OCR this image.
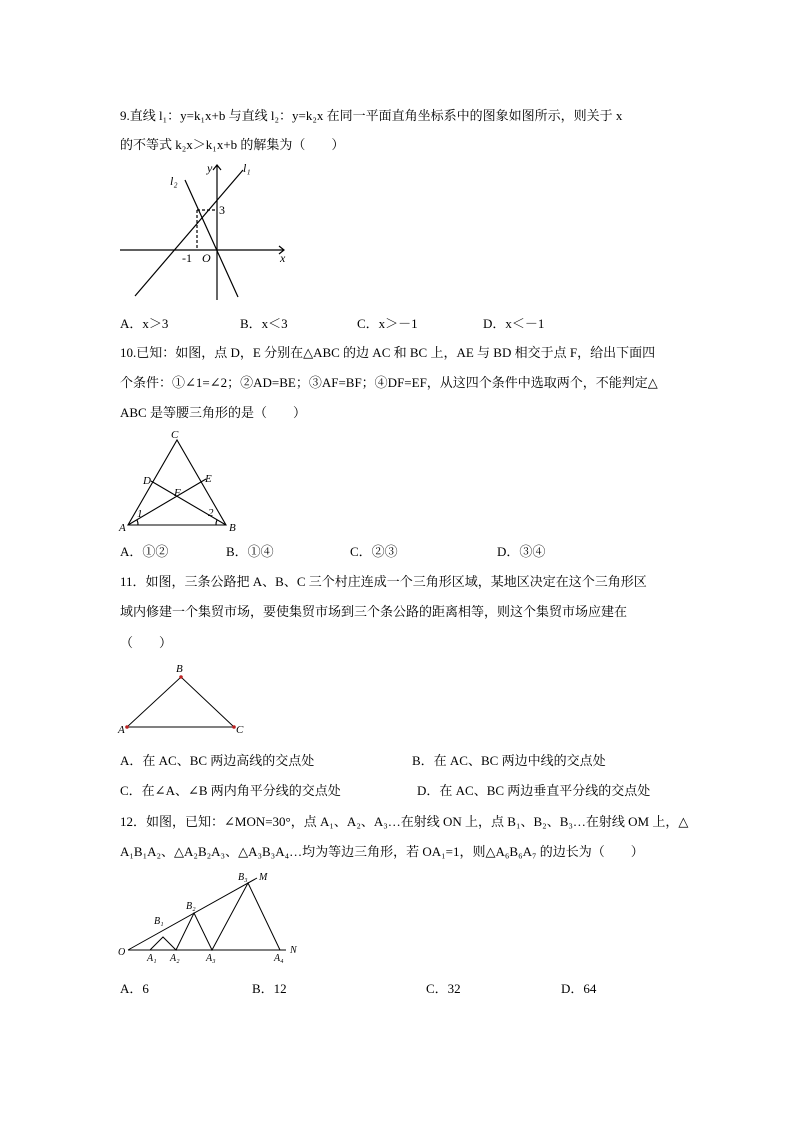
9.直线 l₁：y=k₁x+b 与直线 l₂：y=k₂x 在同一平面直角坐标系中的图象如图所示，则关于 x
的不等式 k₂x＞k₁x+b 的解集为（　　）
y
x
l₁
l₂
3
-1 O
A．x＞3	B．x＜3	C．x＞－1	D．x＜－1
10.已知：如图，点 D，E 分别在△ABC 的边 AC 和 BC 上，AE 与 BD 相交于点 F，给出下面四
个条件：①∠1=∠2；②AD=BE；③AF=BF；④DF=EF，从这四个条件中选取两个，不能判定△
ABC 是等腰三角形的是（　　）
C
D	E
F
A	B
1	2
A．①②	B．①④	C．②③	D．③④
11．如图，三条公路把 A、B、C 三个村庄连成一个三角形区域，某地区决定在这个三角形区
域内修建一个集贸市场，要使集贸市场到三个条公路的距离相等，则这个集贸市场应建在
（　　）
B
A	C
A．在 AC、BC 两边高线的交点处	B．在 AC、BC 两边中线的交点处
C．在∠A、∠B 两内角平分线的交点处	D．在 AC、BC 两边垂直平分线的交点处
12．如图，已知：∠MON=30°，点 A₁、A₂、A₃…在射线 ON 上，点 B₁、B₂、B₃…在射线 OM 上，△
A₁B₁A₂、△A₂B₂A₃、△A₃B₃A₄…均为等边三角形，若 OA₁=1，则△A₆B₆A₇ 的边长为（　　）
O	N
M
A₁ A₂	A₃	A₄
B₁
B₂
B₃
A．6	B．12	C．32	D．64
